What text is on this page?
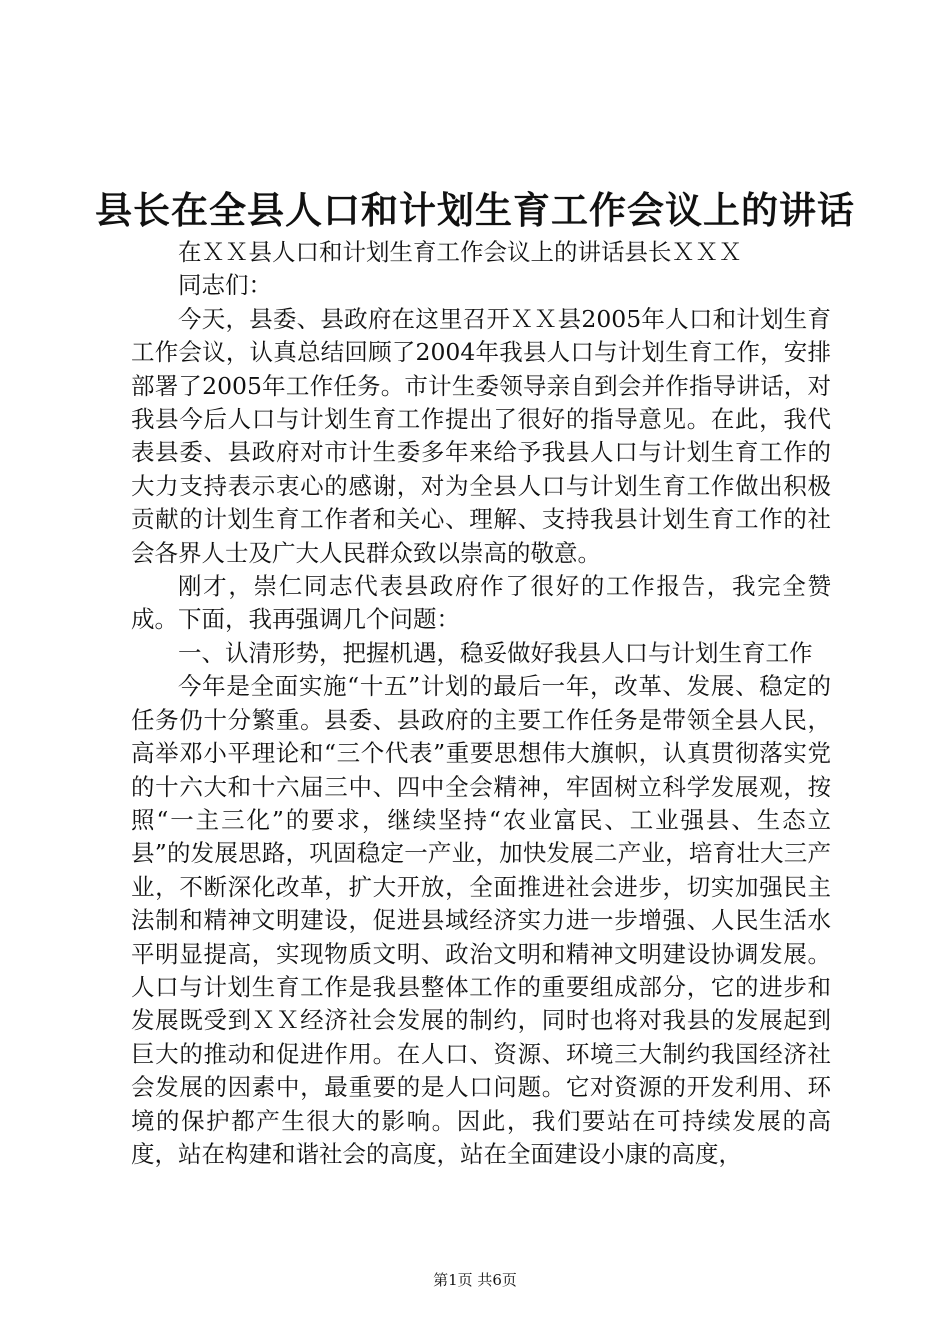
县长在全县人口和计划生育工作会议上的讲话

在ＸＸ县人口和计划生育工作会议上的讲话县长ＸＸＸ

同志们：

今天，县委、县政府在这里召开ＸＸ县2005年人口和计划生育工作会议，认真总结回顾了2004年我县人口与计划生育工作，安排部署了2005年工作任务。市计生委领导亲自到会并作指导讲话，对我县今后人口与计划生育工作提出了很好的指导意见。在此，我代表县委、县政府对市计生委多年来给予我县人口与计划生育工作的大力支持表示衷心的感谢，对为全县人口与计划生育工作做出积极贡献的计划生育工作者和关心、理解、支持我县计划生育工作的社会各界人士及广大人民群众致以崇高的敬意。

刚才，崇仁同志代表县政府作了很好的工作报告，我完全赞成。下面，我再强调几个问题：

一、认清形势，把握机遇，稳妥做好我县人口与计划生育工作

今年是全面实施“十五”计划的最后一年，改革、发展、稳定的任务仍十分繁重。县委、县政府的主要工作任务是带领全县人民，高举邓小平理论和“三个代表”重要思想伟大旗帜，认真贯彻落实党的十六大和十六届三中、四中全会精神，牢固树立科学发展观，按照“一主三化”的要求，继续坚持“农业富民、工业强县、生态立县”的发展思路，巩固稳定一产业，加快发展二产业，培育壮大三产业，不断深化改革，扩大开放，全面推进社会进步，切实加强民主法制和精神文明建设，促进县域经济实力进一步增强、人民生活水平明显提高，实现物质文明、政治文明和精神文明建设协调发展。人口与计划生育工作是我县整体工作的重要组成部分，它的进步和发展既受到ＸＸ经济社会发展的制约，同时也将对我县的发展起到巨大的推动和促进作用。在人口、资源、环境三大制约我国经济社会发展的因素中，最重要的是人口问题。它对资源的开发利用、环境的保护都产生很大的影响。因此，我们要站在可持续发展的高度，站在构建和谐社会的高度，站在全面建设小康的高度，

第1页 共6页
